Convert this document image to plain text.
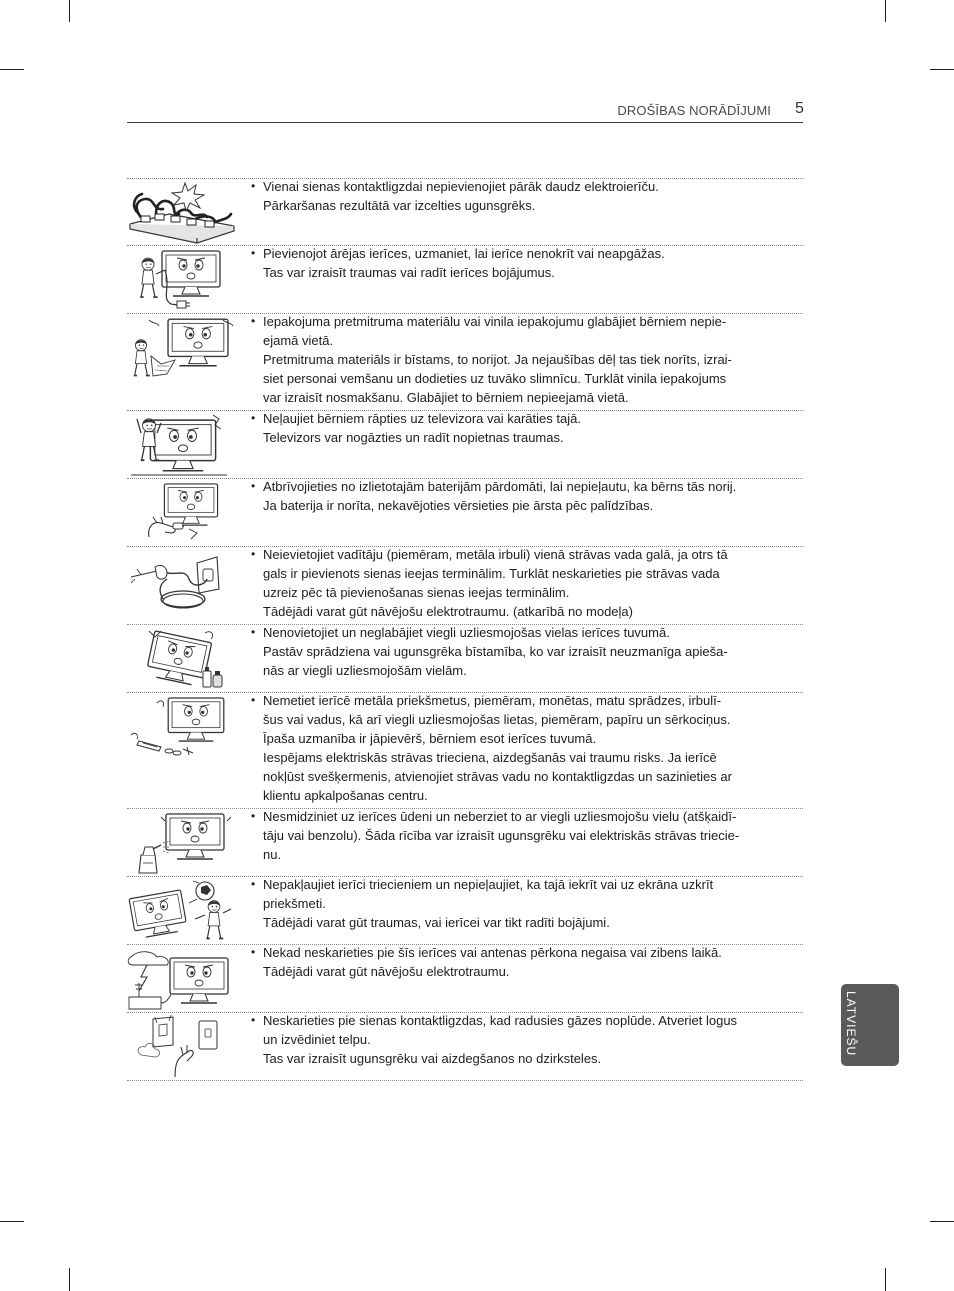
DROŠĪBAS NORĀDĪJUMI 5
• Vienai sienas kontaktligzdai nepievienojiet pārāk daudz elektroierīču.
Pārkaršanas rezultātā var izcelties ugunsgrēks.
• Pievienojot ārējas ierīces, uzmaniet, lai ierīce nenokrīt vai neapgāžas.
Tas var izraisīt traumas vai radīt ierīces bojājumus.
• Iepakojuma pretmitruma materiālu vai vinila iepakojumu glabājiet bērniem nepie-
ejamā vietā.
Pretmitruma materiāls ir bīstams, to norijot. Ja nejaušības dēļ tas tiek norīts, izrai-
siet personai vemšanu un dodieties uz tuvāko slimnīcu. Turklāt vinila iepakojums
var izraisīt nosmakšanu. Glabājiet to bērniem nepieejamā vietā.
• Neļaujiet bērniem rāpties uz televizora vai karāties tajā.
Televizors var nogāzties un radīt nopietnas traumas.
• Atbrīvojieties no izlietotajām baterijām pārdomāti, lai nepieļautu, ka bērns tās norij.
Ja baterija ir norīta, nekavējoties vērsieties pie ārsta pēc palīdzības.
• Neievietojiet vadītāju (piemēram, metāla irbuli) vienā strāvas vada galā, ja otrs tā
gals ir pievienots sienas ieejas terminālim. Turklāt neskarieties pie strāvas vada
uzreiz pēc tā pievienošanas sienas ieejas terminālim.
Tādējādi varat gūt nāvējošu elektrotraumu. (atkarībā no modeļa)
• Nenovietojiet un neglabājiet viegli uzliesmojošas vielas ierīces tuvumā.
Pastāv sprādziena vai ugunsgrēka bīstamība, ko var izraisīt neuzmanīga apieša-
nās ar viegli uzliesmojošām vielām.
• Nemetiet ierīcē metāla priekšmetus, piemēram, monētas, matu sprādzes, irbulī-
šus vai vadus, kā arī viegli uzliesmojošas lietas, piemēram, papīru un sērkociņus.
Īpaša uzmanība ir jāpievērš, bērniem esot ierīces tuvumā.
Iespējams elektriskās strāvas trieciena, aizdegšanās vai traumu risks. Ja ierīcē
nokļūst svešķermenis, atvienojiet strāvas vadu no kontaktligzdas un sazinieties ar
klientu apkalpošanas centru.
• Nesmidziniet uz ierīces ūdeni un neberziet to ar viegli uzliesmojošu vielu (atšķaidī-
tāju vai benzolu). Šāda rīcība var izraisīt ugunsgrēku vai elektriskās strāvas triecie-
nu.
• Nepakļaujiet ierīci triecieniem un nepieļaujiet, ka tajā iekrīt vai uz ekrāna uzkrīt
priekšmeti.
Tādējādi varat gūt traumas, vai ierīcei var tikt radīti bojājumi.
• Nekad neskarieties pie šīs ierīces vai antenas pērkona negaisa vai zibens laikā.
Tādējādi varat gūt nāvējošu elektrotraumu.
• Neskarieties pie sienas kontaktligzdas, kad radusies gāzes noplūde. Atveriet logus
un izvēdiniet telpu.
Tas var izraisīt ugunsgrēku vai aizdegšanos no dzirksteles.
LATVIEŠU
